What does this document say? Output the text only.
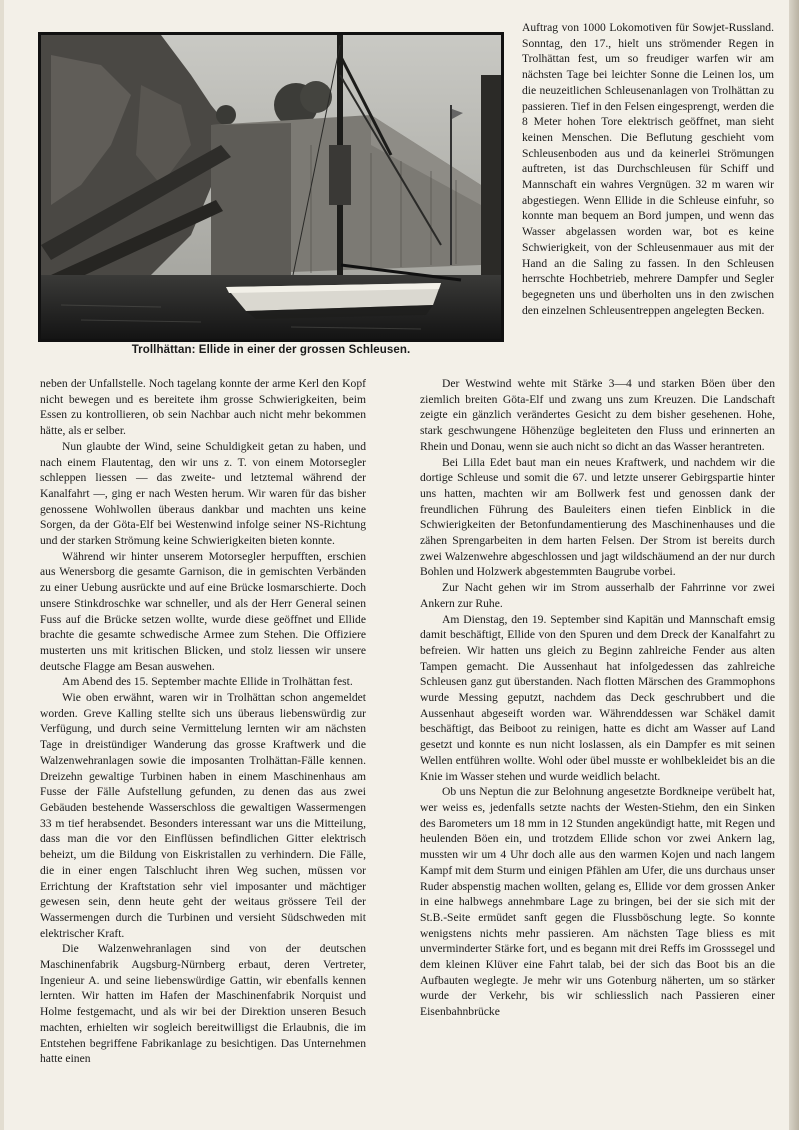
Trollhättan: Ellide in einer der grossen Schleusen.

Auftrag von 1000 Lokomotiven für Sowjet-Russland. Sonntag, den 17., hielt uns strömender Regen in Trolhättan fest, um so freudiger warfen wir am nächsten Tage bei leichter Sonne die Leinen los, um die neuzeitlichen Schleusenanlagen von Trolhättan zu passieren. Tief in den Felsen eingesprengt, werden die 8 Meter hohen Tore elektrisch geöffnet, man sieht keinen Menschen. Die Beflutung geschieht vom Schleusenboden aus und da keinerlei Strömungen auftreten, ist das Durchschleusen für Schiff und Mannschaft ein wahres Vergnügen. 32 m waren wir abgestiegen. Wenn Ellide in die Schleuse einfuhr, so konnte man bequem an Bord jumpen, und wenn das Wasser abgelassen worden war, bot es keine Schwierigkeit, von der Schleusenmauer aus mit der Hand an die Saling zu fassen. In den Schleusen herrschte Hochbetrieb, mehrere Dampfer und Segler begegneten uns und überholten uns in den zwischen den einzelnen Schleusentreppen angelegten Becken.

neben der Unfallstelle. Noch tagelang konnte der arme Kerl den Kopf nicht bewegen und es bereitete ihm grosse Schwierigkeiten, beim Essen zu kontrollieren, ob sein Nachbar auch nicht mehr bekommen hätte, als er selber.

Nun glaubte der Wind, seine Schuldigkeit getan zu haben, und nach einem Flautentag, den wir uns z. T. von einem Motorsegler schleppen liessen — das zweite- und letztemal während der Kanalfahrt —, ging er nach Westen herum. Wir waren für das bisher genossene Wohlwollen überaus dankbar und machten uns keine Sorgen, da der Göta-Elf bei Westenwind infolge seiner NS-Richtung und der starken Strömung keine Schwierigkeiten bieten konnte.

Während wir hinter unserem Motorsegler herpufften, erschien aus Wenersborg die gesamte Garnison, die in gemischten Verbänden zu einer Uebung ausrückte und auf eine Brücke losmarschierte. Doch unsere Stinkdroschke war schneller, und als der Herr General seinen Fuss auf die Brücke setzen wollte, wurde diese geöffnet und Ellide brachte die gesamte schwedische Armee zum Stehen. Die Offiziere musterten uns mit kritischen Blicken, und stolz liessen wir unsere deutsche Flagge am Besan auswehen.

Am Abend des 15. September machte Ellide in Trolhättan fest.

Wie oben erwähnt, waren wir in Trolhättan schon angemeldet worden. Greve Kalling stellte sich uns überaus liebenswürdig zur Verfügung, und durch seine Vermittelung lernten wir am nächsten Tage in dreistündiger Wanderung das grosse Kraftwerk und die Walzenwehranlagen sowie die imposanten Trolhättan-Fälle kennen. Dreizehn gewaltige Turbinen haben in einem Maschinenhaus am Fusse der Fälle Aufstellung gefunden, zu denen das aus zwei Gebäuden bestehende Wasserschloss die gewaltigen Wassermengen 33 m tief herabsendet. Besonders interessant war uns die Mitteilung, dass man die vor den Einflüssen befindlichen Gitter elektrisch beheizt, um die Bildung von Eiskristallen zu verhindern. Die Fälle, die in einer engen Talschlucht ihren Weg suchen, müssen vor Errichtung der Kraftstation sehr viel imposanter und mächtiger gewesen sein, denn heute geht der weitaus grössere Teil der Wassermengen durch die Turbinen und versieht Südschweden mit elektrischer Kraft.

Die Walzenwehranlagen sind von der deutschen Maschinenfabrik Augsburg-Nürnberg erbaut, deren Vertreter, Ingenieur A. und seine liebenswürdige Gattin, wir ebenfalls kennen lernten. Wir hatten im Hafen der Maschinenfabrik Norquist und Holme festgemacht, und als wir bei der Direktion unseren Besuch machten, erhielten wir sogleich bereitwilligst die Erlaubnis, die im Entstehen begriffene Fabrikanlage zu besichtigen. Das Unternehmen hatte einen

Der Westwind wehte mit Stärke 3—4 und starken Böen über den ziemlich breiten Göta-Elf und zwang uns zum Kreuzen. Die Landschaft zeigte ein gänzlich verändertes Gesicht zu dem bisher gesehenen. Hohe, stark geschwungene Höhenzüge begleiteten den Fluss und erinnerten an Rhein und Donau, wenn sie auch nicht so dicht an das Wasser herantreten.

Bei Lilla Edet baut man ein neues Kraftwerk, und nachdem wir die dortige Schleuse und somit die 67. und letzte unserer Gebirgspartie hinter uns hatten, machten wir am Bollwerk fest und genossen dank der freundlichen Führung des Bauleiters einen tiefen Einblick in die Schwierigkeiten der Betonfundamentierung des Maschinenhauses und die zähen Sprengarbeiten in dem harten Felsen. Der Strom ist bereits durch zwei Walzenwehre abgeschlossen und jagt wildschäumend an der nur durch Bohlen und Holzwerk abgestemmten Baugrube vorbei.

Zur Nacht gehen wir im Strom ausserhalb der Fahrrinne vor zwei Ankern zur Ruhe.

Am Dienstag, den 19. September sind Kapitän und Mannschaft emsig damit beschäftigt, Ellide von den Spuren und dem Dreck der Kanalfahrt zu befreien. Wir hatten uns gleich zu Beginn zahlreiche Fender aus alten Tampen gemacht. Die Aussenhaut hat infolgedessen das zahlreiche Schleusen ganz gut überstanden. Nach flotten Märschen des Grammophons wurde Messing geputzt, nachdem das Deck geschrubbert und die Aussenhaut abgeseift worden war. Währenddessen war Schäkel damit beschäftigt, das Beiboot zu reinigen, hatte es dicht am Wasser auf Land gesetzt und konnte es nun nicht loslassen, als ein Dampfer es mit seinen Wellen entführen wollte. Wohl oder übel musste er wohlbekleidet bis an die Knie im Wasser stehen und wurde weidlich belacht.

Ob uns Neptun die zur Belohnung angesetzte Bordkneipe verübelt hat, wer weiss es, jedenfalls setzte nachts der Westen-Stiehm, den ein Sinken des Barometers um 18 mm in 12 Stunden angekündigt hatte, mit Regen und heulenden Böen ein, und trotzdem Ellide schon vor zwei Ankern lag, mussten wir um 4 Uhr doch alle aus den warmen Kojen und nach langem Kampf mit dem Sturm und einigen Pfählen am Ufer, die uns durchaus unser Ruder abspenstig machen wollten, gelang es, Ellide vor dem grossen Anker in eine halbwegs annehmbare Lage zu bringen, bei der sie sich mit der St.B.-Seite ermüdet sanft gegen die Flussböschung legte. So konnte wenigstens nichts mehr passieren. Am nächsten Tage bliess es mit unverminderter Stärke fort, und es begann mit drei Reffs im Grosssegel und dem kleinen Klüver eine Fahrt talab, bei der sich das Boot bis an die Aufbauten weglegte. Je mehr wir uns Gotenburg näherten, um so stärker wurde der Verkehr, bis wir schliesslich nach Passieren einer Eisenbahnbrücke
